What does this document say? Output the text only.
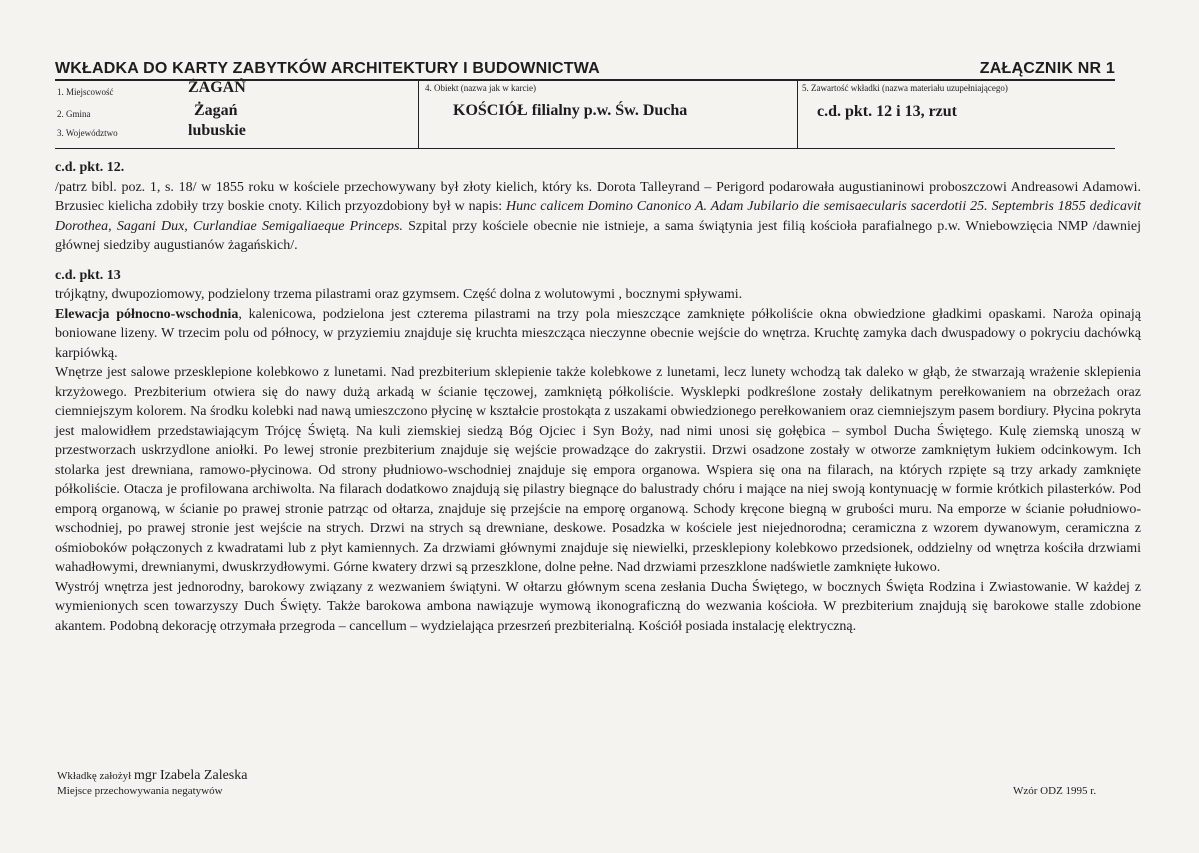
WKŁADKA DO KARTY ZABYTKÓW ARCHITEKTURY I BUDOWNICTWA	ZAŁĄCZNIK NR 1
1. Miejscowość	ŻAGAŃ
2. Gmina	Żagań
3. Województwo	lubuskie
4. Obiekt (nazwa jak w karcie)
KOŚCIÓŁ filialny p.w. Św. Ducha
5. Zawartość wkładki (nazwa materiału uzupełniającego)
c.d. pkt. 12 i 13, rzut

c.d. pkt. 12.

/patrz bibl. poz. 1, s. 18/ w 1855 roku w kościele przechowywany był złoty kielich, który ks. Dorota Talleyrand – Perigord podarowała augustianinowi proboszczowi Andreasowi Adamowi. Brzusiec kielicha zdobiły trzy boskie cnoty. Kilich przyozdobiony był w napis: Hunc calicem Domino Canonico A. Adam Jubilario die semisaecularis sacerdotii 25. Septembris 1855 dedicavit Dorothea, Sagani Dux, Curlandiae Semigaliaeque Princeps. Szpital przy kościele obecnie nie istnieje, a sama świątynia jest filią kościoła parafialnego p.w. Wniebowzięcia NMP /dawniej głównej siedziby augustianów żagańskich/.

c.d. pkt. 13

trójkątny, dwupoziomowy, podzielony trzema pilastrami oraz gzymsem. Część dolna z wolutowymi , bocznymi spływami.

Elewacja północno-wschodnia, kalenicowa, podzielona jest czterema pilastrami na trzy pola mieszczące zamknięte półkoliście okna obwiedzione gładkimi opaskami. Naroża opinają boniowane lizeny. W trzecim polu od północy, w przyziemiu znajduje się kruchta mieszcząca nieczynne obecnie wejście do wnętrza. Kruchtę zamyka dach dwuspadowy o pokryciu dachówką karpiówką.

Wnętrze jest salowe przesklepione kolebkowo z lunetami. Nad prezbiterium sklepienie także kolebkowe z lunetami, lecz lunety wchodzą tak daleko w głąb, że stwarzają wrażenie sklepienia krzyżowego. Prezbiterium otwiera się do nawy dużą arkadą w ścianie tęczowej, zamkniętą półkoliście. Wysklepki podkreślone zostały delikatnym perełkowaniem na obrzeżach oraz ciemniejszym kolorem. Na środku kolebki nad nawą umieszczono płycinę w kształcie prostokąta z uszakami obwiedzionego perełkowaniem oraz ciemniejszym pasem bordiury. Płycina pokryta jest malowidłem przedstawiającym Trójcę Świętą. Na kuli ziemskiej siedzą Bóg Ojciec i Syn Boży, nad nimi unosi się gołębica – symbol Ducha Świętego. Kulę ziemską unoszą w przestworzach uskrzydlone aniołki. Po lewej stronie prezbiterium znajduje się wejście prowadzące do zakrystii. Drzwi osadzone zostały w otworze zamkniętym łukiem odcinkowym. Ich stolarka jest drewniana, ramowo-płycinowa. Od strony płudniowo-wschodniej znajduje się empora organowa. Wspiera się ona na filarach, na których rzpięte są trzy arkady zamknięte półkoliście. Otacza je profilowana archiwolta. Na filarach dodatkowo znajdują się pilastry biegnące do balustrady chóru i mające na niej swoją kontynuację w formie krótkich pilasterków. Pod emporą organową, w ścianie po prawej stronie patrząc od ołtarza, znajduje się przejście na emporę organową. Schody kręcone biegną w grubości muru. Na emporze w ścianie południowo-wschodniej, po prawej stronie jest wejście na strych. Drzwi na strych są drewniane, deskowe. Posadzka w kościele jest niejednorodna; ceramiczna z wzorem dywanowym, ceramiczna z ośmioboków połączonych z kwadratami lub z płyt kamiennych. Za drzwiami głównymi znajduje się niewielki, przesklepiony kolebkowo przedsionek, oddzielny od wnętrza kościła drzwiami wahadłowymi, drewnianymi, dwuskrzydłowymi. Górne kwatery drzwi są przeszklone, dolne pełne. Nad drzwiami przeszklone nadświetle zamknięte łukowo.

Wystrój wnętrza jest jednorodny, barokowy związany z wezwaniem świątyni. W ołtarzu głównym scena zesłania Ducha Świętego, w bocznych Święta Rodzina i Zwiastowanie. W każdej z wymienionych scen towarzyszy Duch Święty. Także barokowa ambona nawiązuje wymową ikonograficzną do wezwania kościoła. W prezbiterium znajdują się barokowe stalle zdobione akantem. Podobną dekorację otrzymała przegroda – cancellum – wydzielająca przesrzeń prezbiterialną. Kościół posiada instalację elektryczną.

Wkładkę założył mgr Izabela Zaleska
Miejsce przechowywania negatywów	Wzór ODZ 1995 r.
